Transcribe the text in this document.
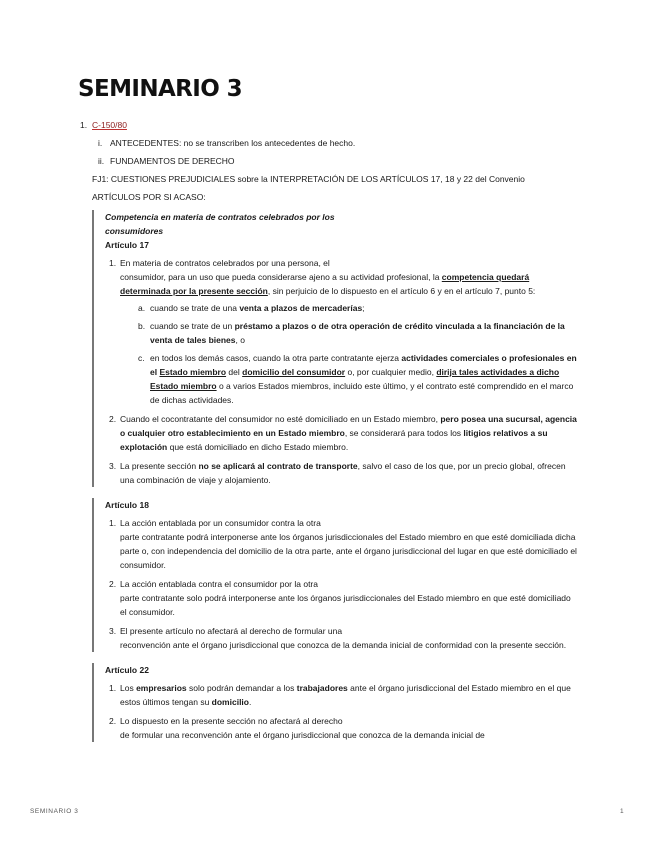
SEMINARIO 3
1. C-150/80
i. ANTECEDENTES: no se transcriben los antecedentes de hecho.
ii. FUNDAMENTOS DE DERECHO
FJ1: CUESTIONES PREJUDICIALES sobre la INTERPRETACIÓN DE LOS ARTÍCULOS 17, 18 y 22 del Convenio
ARTÍCULOS POR SI ACASO:

Competencia en materia de contratos celebrados por los consumidores

Artículo 17

1. En materia de contratos celebrados por una persona, el
consumidor, para un uso que pueda considerarse ajeno a su actividad profesional, la competencia quedará determinada por la presente sección, sin perjuicio de lo dispuesto en el artículo 6 y en el artículo 7, punto 5:
a. cuando se trate de una venta a plazos de mercaderías;
b. cuando se trate de un préstamo a plazos o de otra operación de crédito vinculada a la financiación de la venta de tales bienes, o
c. en todos los demás casos, cuando la otra parte contratante ejerza actividades comerciales o profesionales en el Estado miembro del domicilio del consumidor o, por cualquier medio, dirija tales actividades a dicho Estado miembro o a varios Estados miembros, incluido este último, y el contrato esté comprendido en el marco de dichas actividades.
2. Cuando el cocontratante del consumidor no esté domiciliado en un Estado miembro, pero posea una sucursal, agencia o cualquier otro establecimiento en un Estado miembro, se considerará para todos los litigios relativos a su explotación que está domiciliado en dicho Estado miembro.
3. La presente sección no se aplicará al contrato de transporte, salvo el caso de los que, por un precio global, ofrecen una combinación de viaje y alojamiento.

Artículo 18

1. La acción entablada por un consumidor contra la otra
parte contratante podrá interponerse ante los órganos jurisdiccionales del Estado miembro en que esté domiciliada dicha parte o, con independencia del domicilio de la otra parte, ante el órgano jurisdiccional del lugar en que esté domiciliado el consumidor.
2. La acción entablada contra el consumidor por la otra
parte contratante solo podrá interponerse ante los órganos jurisdiccionales del Estado miembro en que esté domiciliado el consumidor.
3. El presente artículo no afectará al derecho de formular una
reconvención ante el órgano jurisdiccional que conozca de la demanda inicial de conformidad con la presente sección.

Artículo 22

1. Los empresarios solo podrán demandar a los trabajadores ante el órgano jurisdiccional del Estado miembro en el que estos últimos tengan su domicilio.
2. Lo dispuesto en la presente sección no afectará al derecho
de formular una reconvención ante el órgano jurisdiccional que conozca de la demanda inicial de
SEMINARIO 3	1
